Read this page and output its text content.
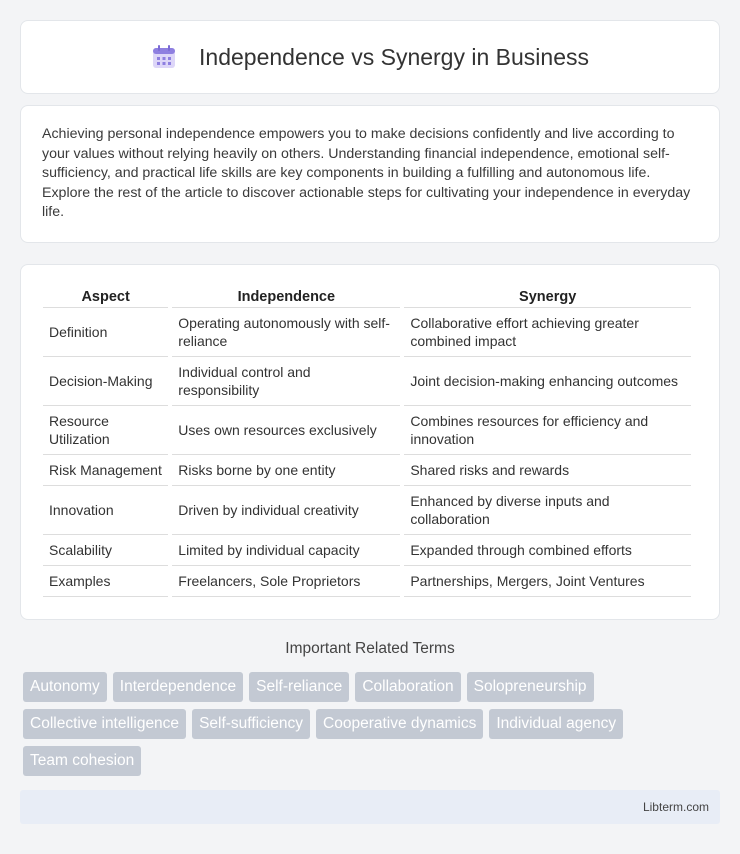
Independence vs Synergy in Business

Achieving personal independence empowers you to make decisions confidently and live according to your values without relying heavily on others. Understanding financial independence, emotional self-sufficiency, and practical life skills are key components in building a fulfilling and autonomous life. Explore the rest of the article to discover actionable steps for cultivating your independence in everyday life.

Aspect	Independence	Synergy
Definition	Operating autonomously with self-reliance	Collaborative effort achieving greater combined impact
Decision-Making	Individual control and responsibility	Joint decision-making enhancing outcomes
Resource Utilization	Uses own resources exclusively	Combines resources for efficiency and innovation
Risk Management	Risks borne by one entity	Shared risks and rewards
Innovation	Driven by individual creativity	Enhanced by diverse inputs and collaboration
Scalability	Limited by individual capacity	Expanded through combined efforts
Examples	Freelancers, Sole Proprietors	Partnerships, Mergers, Joint Ventures
Important Related Terms
Autonomy	Interdependence	Self-reliance	Collaboration	Solopreneurship
Collective intelligence	Self-sufficiency	Cooperative dynamics	Individual agency
Team cohesion
Libterm.com
